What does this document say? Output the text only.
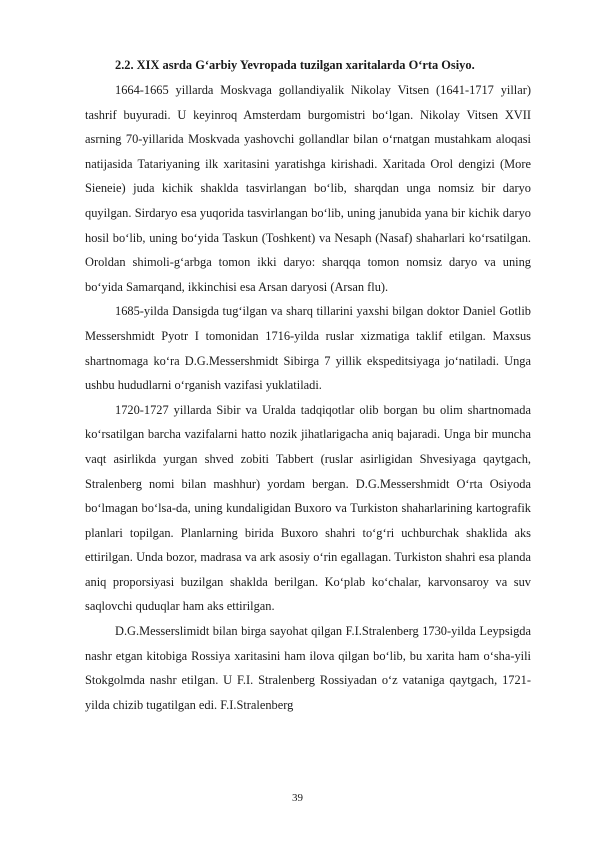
2.2. XIX asrda G‘arbiy Yevropada tuzilgan xaritalarda O‘rta Osiyo.

1664-1665 yillarda Moskvaga gollandiyalik Nikolay Vitsen (1641-1717 yillar) tashrif buyuradi. U keyinroq Amsterdam burgomistri bo‘lgan. Nikolay Vitsen XVII asrning 70-yillarida Moskvada yashovchi gollandlar bilan o‘rnatgan mustahkam aloqasi natijasida Tatariyaning ilk xaritasini yaratishga kirishadi. Xaritada Orol dengizi (More Sieneie) juda kichik shaklda tasvirlangan bo‘lib, sharqdan unga nomsiz bir daryo quyilgan. Sirdaryo esa yuqorida tasvirlangan bo‘lib, uning janubida yana bir kichik daryo hosil bo‘lib, uning bo‘yida Taskun (Toshkent) va Nesaph (Nasaf) shaharlari ko‘rsatilgan. Oroldan shimoli-g‘arbga tomon ikki daryo: sharqqa tomon nomsiz daryo va uning bo‘yida Samarqand, ikkinchisi esa Arsan daryosi (Arsan flu).

1685-yilda Dansigda tug‘ilgan va sharq tillarini yaxshi bilgan doktor Daniel Gotlib Messershmidt Pyotr I tomonidan 1716-yilda ruslar xizmatiga taklif etilgan. Maxsus shartnomaga ko‘ra D.G.Messershmidt Sibirga 7 yillik ekspeditsiyaga jo‘natiladi. Unga ushbu hududlarni o‘rganish vazifasi yuklatiladi.

1720-1727 yillarda Sibir va Uralda tadqiqotlar olib borgan bu olim shartnomada ko‘rsatilgan barcha vazifalarni hatto nozik jihatlarigacha aniq bajaradi. Unga bir muncha vaqt asirlikda yurgan shved zobiti Tabbert (ruslar asirligidan Shvesiyaga qaytgach, Stralenberg nomi bilan mashhur) yordam bergan. D.G.Messershmidt O‘rta Osiyoda bo‘lmagan bo‘lsa-da, uning kundaligidan Buxoro va Turkiston shaharlarining kartografik planlari topilgan. Planlarning birida Buxoro shahri to‘g‘ri uchburchak shaklida aks ettirilgan. Unda bozor, madrasa va ark asosiy o‘rin egallagan. Turkiston shahri esa planda aniq proporsiyasi buzilgan shaklda berilgan. Ko‘plab ko‘chalar, karvonsaroy va suv saqlovchi quduqlar ham aks ettirilgan.

D.G.Messerslimidt bilan birga sayohat qilgan F.I.Stralenberg 1730-yilda Leypsigda nashr etgan kitobiga Rossiya xaritasini ham ilova qilgan bo‘lib, bu xarita ham o‘sha-yili Stokgolmda nashr etilgan. U F.I. Stralenberg Rossiyadan o‘z vataniga qaytgach, 1721-yilda chizib tugatilgan edi. F.I.Stralenberg

39
